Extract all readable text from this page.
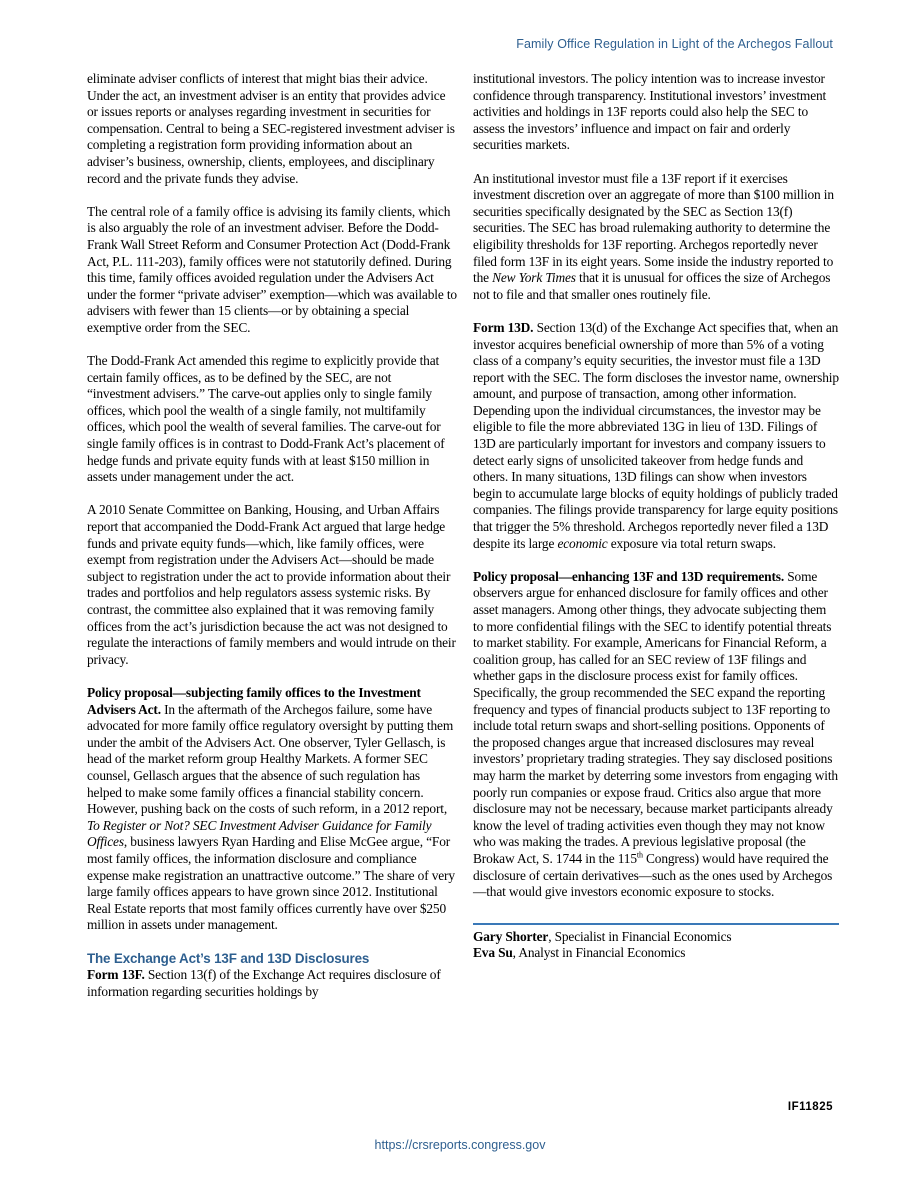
Family Office Regulation in Light of the Archegos Fallout

eliminate adviser conflicts of interest that might bias their advice. Under the act, an investment adviser is an entity that provides advice or issues reports or analyses regarding investment in securities for compensation. Central to being a SEC-registered investment adviser is completing a registration form providing information about an adviser’s business, ownership, clients, employees, and disciplinary record and the private funds they advise.

The central role of a family office is advising its family clients, which is also arguably the role of an investment adviser. Before the Dodd-Frank Wall Street Reform and Consumer Protection Act (Dodd-Frank Act, P.L. 111-203), family offices were not statutorily defined. During this time, family offices avoided regulation under the Advisers Act under the former “private adviser” exemption—which was available to advisers with fewer than 15 clients—or by obtaining a special exemptive order from the SEC.

The Dodd-Frank Act amended this regime to explicitly provide that certain family offices, as to be defined by the SEC, are not “investment advisers.” The carve-out applies only to single family offices, which pool the wealth of a single family, not multifamily offices, which pool the wealth of several families. The carve-out for single family offices is in contrast to Dodd-Frank Act’s placement of hedge funds and private equity funds with at least $150 million in assets under management under the act.

A 2010 Senate Committee on Banking, Housing, and Urban Affairs report that accompanied the Dodd-Frank Act argued that large hedge funds and private equity funds—which, like family offices, were exempt from registration under the Advisers Act—should be made subject to registration under the act to provide information about their trades and portfolios and help regulators assess systemic risks. By contrast, the committee also explained that it was removing family offices from the act’s jurisdiction because the act was not designed to regulate the interactions of family members and would intrude on their privacy.

Policy proposal—subjecting family offices to the Investment Advisers Act. In the aftermath of the Archegos failure, some have advocated for more family office regulatory oversight by putting them under the ambit of the Advisers Act. One observer, Tyler Gellasch, is head of the market reform group Healthy Markets. A former SEC counsel, Gellasch argues that the absence of such regulation has helped to make some family offices a financial stability concern. However, pushing back on the costs of such reform, in a 2012 report, To Register or Not? SEC Investment Adviser Guidance for Family Offices, business lawyers Ryan Harding and Elise McGee argue, “For most family offices, the information disclosure and compliance expense make registration an unattractive outcome.” The share of very large family offices appears to have grown since 2012. Institutional Real Estate reports that most family offices currently have over $250 million in assets under management.

The Exchange Act’s 13F and 13D Disclosures

Form 13F. Section 13(f) of the Exchange Act requires disclosure of information regarding securities holdings by

institutional investors. The policy intention was to increase investor confidence through transparency. Institutional investors’ investment activities and holdings in 13F reports could also help the SEC to assess the investors’ influence and impact on fair and orderly securities markets.

An institutional investor must file a 13F report if it exercises investment discretion over an aggregate of more than $100 million in securities specifically designated by the SEC as Section 13(f) securities. The SEC has broad rulemaking authority to determine the eligibility thresholds for 13F reporting. Archegos reportedly never filed form 13F in its eight years. Some inside the industry reported to the New York Times that it is unusual for offices the size of Archegos not to file and that smaller ones routinely file.

Form 13D. Section 13(d) of the Exchange Act specifies that, when an investor acquires beneficial ownership of more than 5% of a voting class of a company’s equity securities, the investor must file a 13D report with the SEC. The form discloses the investor name, ownership amount, and purpose of transaction, among other information. Depending upon the individual circumstances, the investor may be eligible to file the more abbreviated 13G in lieu of 13D. Filings of 13D are particularly important for investors and company issuers to detect early signs of unsolicited takeover from hedge funds and others. In many situations, 13D filings can show when investors begin to accumulate large blocks of equity holdings of publicly traded companies. The filings provide transparency for large equity positions that trigger the 5% threshold. Archegos reportedly never filed a 13D despite its large economic exposure via total return swaps.

Policy proposal—enhancing 13F and 13D requirements. Some observers argue for enhanced disclosure for family offices and other asset managers. Among other things, they advocate subjecting them to more confidential filings with the SEC to identify potential threats to market stability. For example, Americans for Financial Reform, a coalition group, has called for an SEC review of 13F filings and whether gaps in the disclosure process exist for family offices. Specifically, the group recommended the SEC expand the reporting frequency and types of financial products subject to 13F reporting to include total return swaps and short-selling positions. Opponents of the proposed changes argue that increased disclosures may reveal investors’ proprietary trading strategies. They say disclosed positions may harm the market by deterring some investors from engaging with poorly run companies or expose fraud. Critics also argue that more disclosure may not be necessary, because market participants already know the level of trading activities even though they may not know who was making the trades. A previous legislative proposal (the Brokaw Act, S. 1744 in the 115th Congress) would have required the disclosure of certain derivatives—such as the ones used by Archegos—that would give investors economic exposure to stocks.

Gary Shorter, Specialist in Financial Economics

Eva Su, Analyst in Financial Economics

IF11825
https://crsreports.congress.gov
